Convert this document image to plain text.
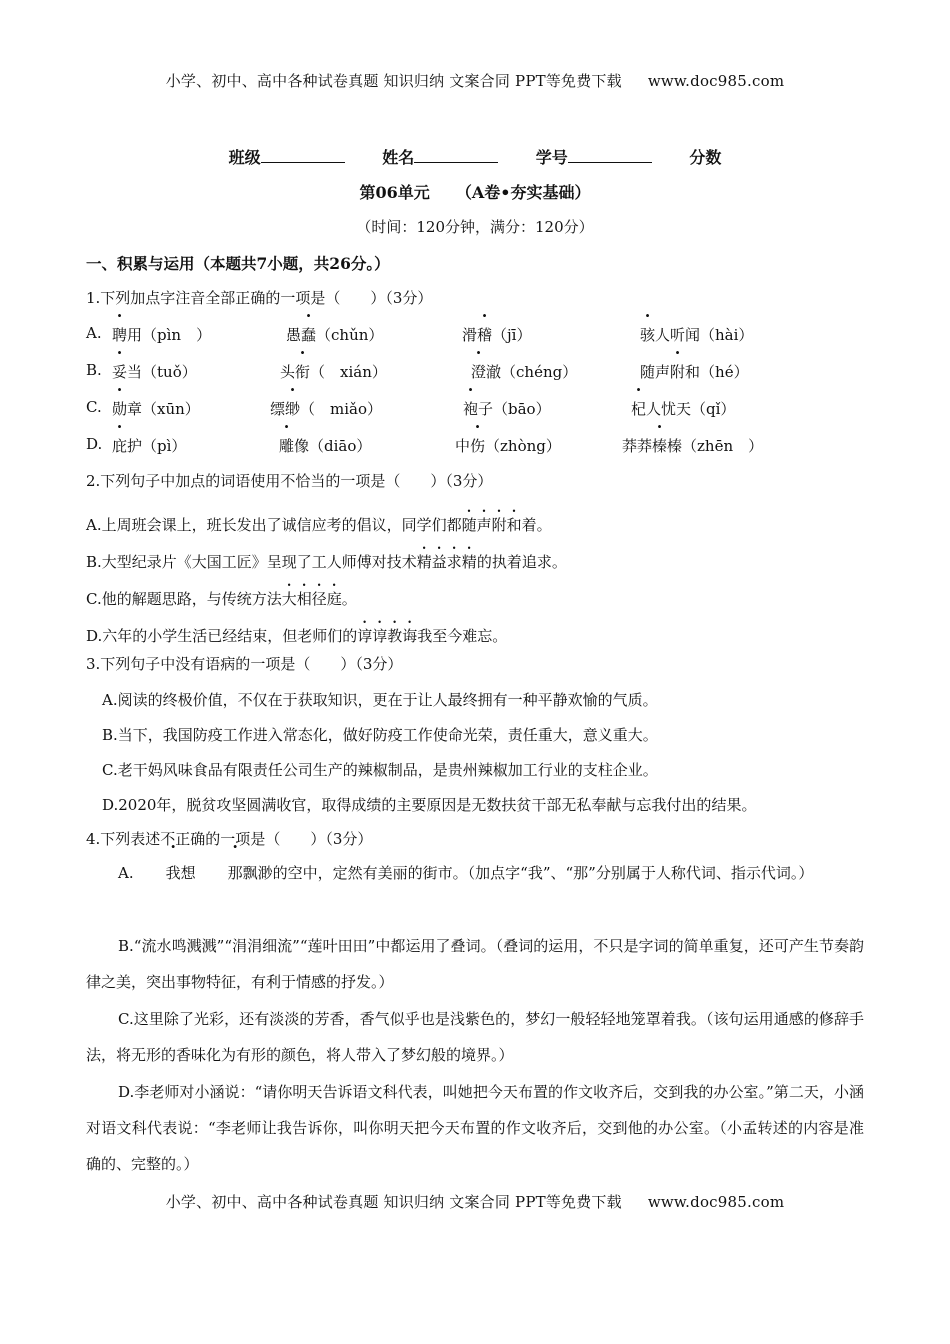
小学、初中、高中各种试卷真题 知识归纳 文案合同 PPT等免费下载 www.doc985.com
班级	姓名	学号	分数
第06单元 （A卷•夯实基础）
（时间：120分钟，满分：120分）
一、积累与运用（本题共7小题，共26分。）
1.下列加点字注音全部正确的一项是（　　）（3分）
A. 聘用（pìn　）	愚蠢（chǔn）	滑稽（jī）	骇人听闻（hài）
B. 妥当（tuǒ）	头衔（　xián）	澄澈（chéng）	随声附和（hé）
C. 勋章（xūn）	缥缈（　miǎo）	袍子（bāo）	杞人忧天（qǐ）
D. 庇护（pì）	雕像（diāo）	中伤（zhòng）	莽莽榛榛（zhēn　）
2.下列句子中加点的词语使用不恰当的一项是（　　）（3分）
A.上周班会课上，班长发出了诚信应考的倡议，同学们都随声附和着。
B.大型纪录片《大国工匠》呈现了工人师傅对技术精益求精的执着追求。
C.他的解题思路，与传统方法大相径庭。
D.六年的小学生活已经结束，但老师们的谆谆教诲我至今难忘。
3.下列句子中没有语病的一项是（　　）（3分）
A.阅读的终极价值，不仅在于获取知识，更在于让人最终拥有一种平静欢愉的气质。
B.当下，我国防疫工作进入常态化，做好防疫工作使命光荣，责任重大，意义重大。
C.老干妈风味食品有限责任公司生产的辣椒制品，是贵州辣椒加工行业的支柱企业。
D.2020年，脱贫攻坚圆满收官，取得成绩的主要原因是无数扶贫干部无私奉献与忘我付出的结果。
4.下列表述不正确的一项是（　　）（3分）
A. 我想 那飘渺的空中，定然有美丽的街市。（加点字“我”、“那”分别属于人称代词、指示代词。）
B.“流水鸣溅溅”“涓涓细流”“莲叶田田”中都运用了叠词。（叠词的运用，不只是字词的简单重复，还可产生节奏韵律之美，突出事物特征，有利于情感的抒发。）
C.这里除了光彩，还有淡淡的芳香，香气似乎也是浅紫色的，梦幻一般轻轻地笼罩着我。（该句运用通感的修辞手法，将无形的香味化为有形的颜色，将人带入了梦幻般的境界。）
D.李老师对小涵说：“请你明天告诉语文科代表，叫她把今天布置的作文收齐后，交到我的办公室。”第二天，小涵对语文科代表说：“李老师让我告诉你，叫你明天把今天布置的作文收齐后，交到他的办公室。（小孟转述的内容是准确的、完整的。）
小学、初中、高中各种试卷真题 知识归纳 文案合同 PPT等免费下载 www.doc985.com
